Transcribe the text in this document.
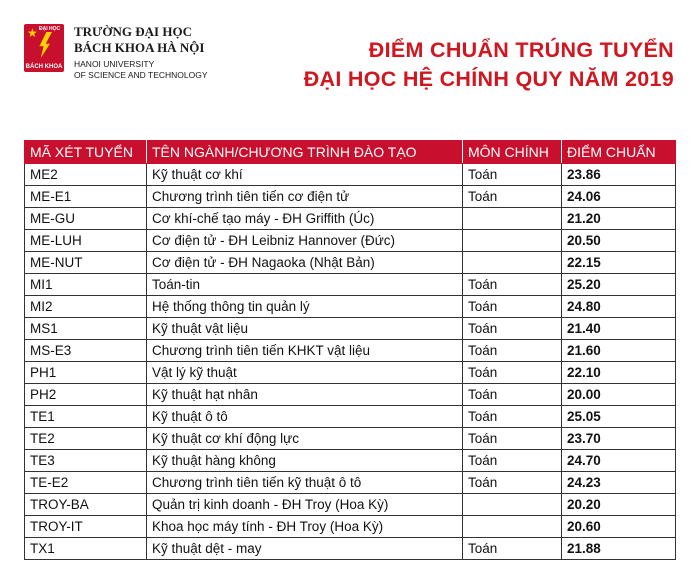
★ ĐẠI HỌC
BÁCH KHOA
TRƯỜNG ĐẠI HỌC
BÁCH KHOA HÀ NỘI
HANOI UNIVERSITY
OF SCIENCE AND TECHNOLOGY
ĐIỂM CHUẨN TRÚNG TUYỂN
ĐẠI HỌC HỆ CHÍNH QUY NĂM 2019
MÃ XÉT TUYỂN	TÊN NGÀNH/CHƯƠNG TRÌNH ĐÀO TẠO	MÔN CHÍNH	ĐIỂM CHUẨN
ME2	Kỹ thuật cơ khí	Toán	23.86
ME-E1	Chương trình tiên tiến cơ điện tử	Toán	24.06
ME-GU	Cơ khí-chế tạo máy - ĐH Griffith (Úc)		21.20
ME-LUH	Cơ điện tử - ĐH Leibniz Hannover (Đức)		20.50
ME-NUT	Cơ điện tử - ĐH Nagaoka (Nhật Bản)		22.15
MI1	Toán-tin	Toán	25.20
MI2	Hệ thống thông tin quản lý	Toán	24.80
MS1	Kỹ thuật vật liệu	Toán	21.40
MS-E3	Chương trình tiên tiến KHKT vật liệu	Toán	21.60
PH1	Vật lý kỹ thuật	Toán	22.10
PH2	Kỹ thuật hạt nhân	Toán	20.00
TE1	Kỹ thuật ô tô	Toán	25.05
TE2	Kỹ thuật cơ khí động lực	Toán	23.70
TE3	Kỹ thuật hàng không	Toán	24.70
TE-E2	Chương trình tiên tiến kỹ thuật ô tô	Toán	24.23
TROY-BA	Quản trị kinh doanh - ĐH Troy (Hoa Kỳ)		20.20
TROY-IT	Khoa học máy tính - ĐH Troy (Hoa Kỳ)		20.60
TX1	Kỹ thuật dệt - may	Toán	21.88
